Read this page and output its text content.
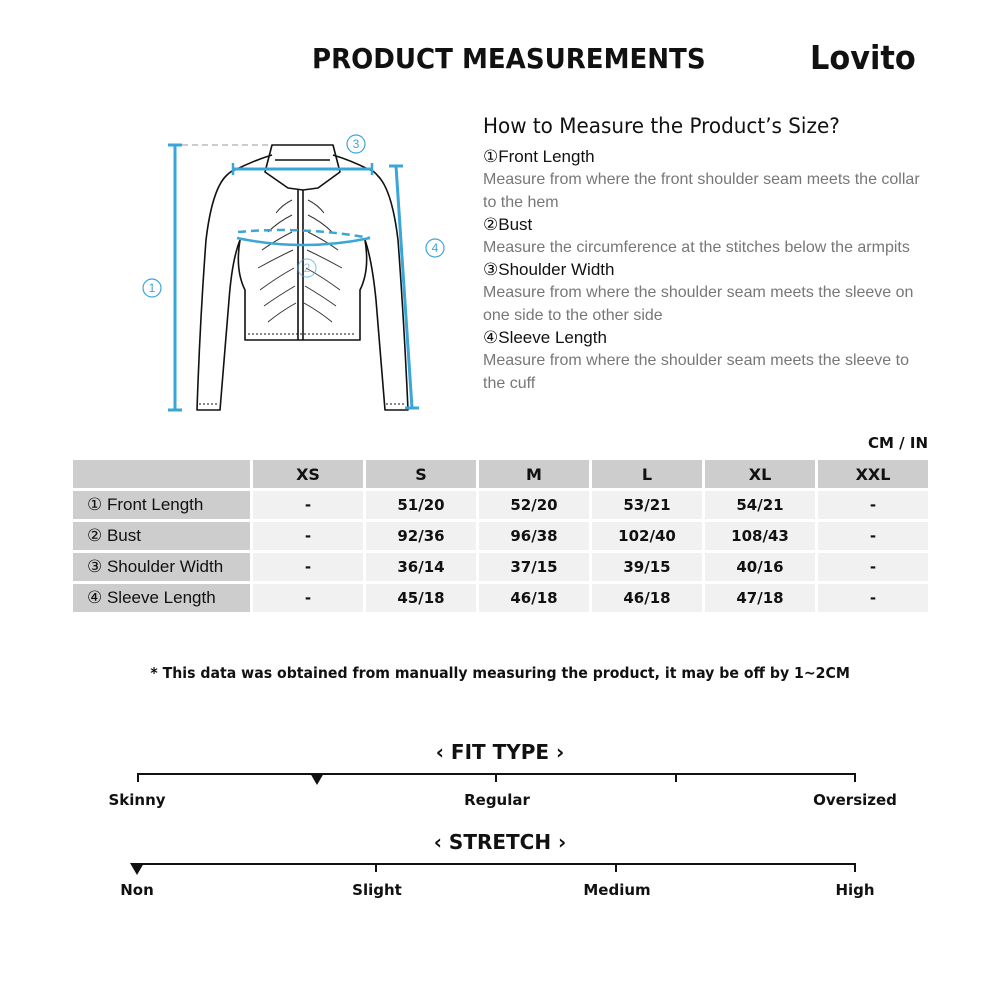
PRODUCT MEASUREMENTS	Lovito
1
3
4
2
How to Measure the Product’s Size?
①Front Length
Measure from where the front shoulder seam meets the collar to the hem
②Bust
Measure the circumference at the stitches below the armpits
③Shoulder Width
Measure from where the shoulder seam meets the sleeve on one side to the other side
④Sleeve Length
Measure from where the shoulder seam meets the sleeve to the cuff
CM / IN
	XS	S	M	L	XL	XXL
① Front Length	-	51/20	52/20	53/21	54/21	-
② Bust	-	92/36	96/38	102/40	108/43	-
③ Shoulder Width	-	36/14	37/15	39/15	40/16	-
④ Sleeve Length	-	45/18	46/18	46/18	47/18	-
* This data was obtained from manually measuring the product, it may be off by 1~2CM
‹ FIT TYPE ›
Skinny	Regular	Oversized
‹ STRETCH ›
Non	Slight	Medium	High
